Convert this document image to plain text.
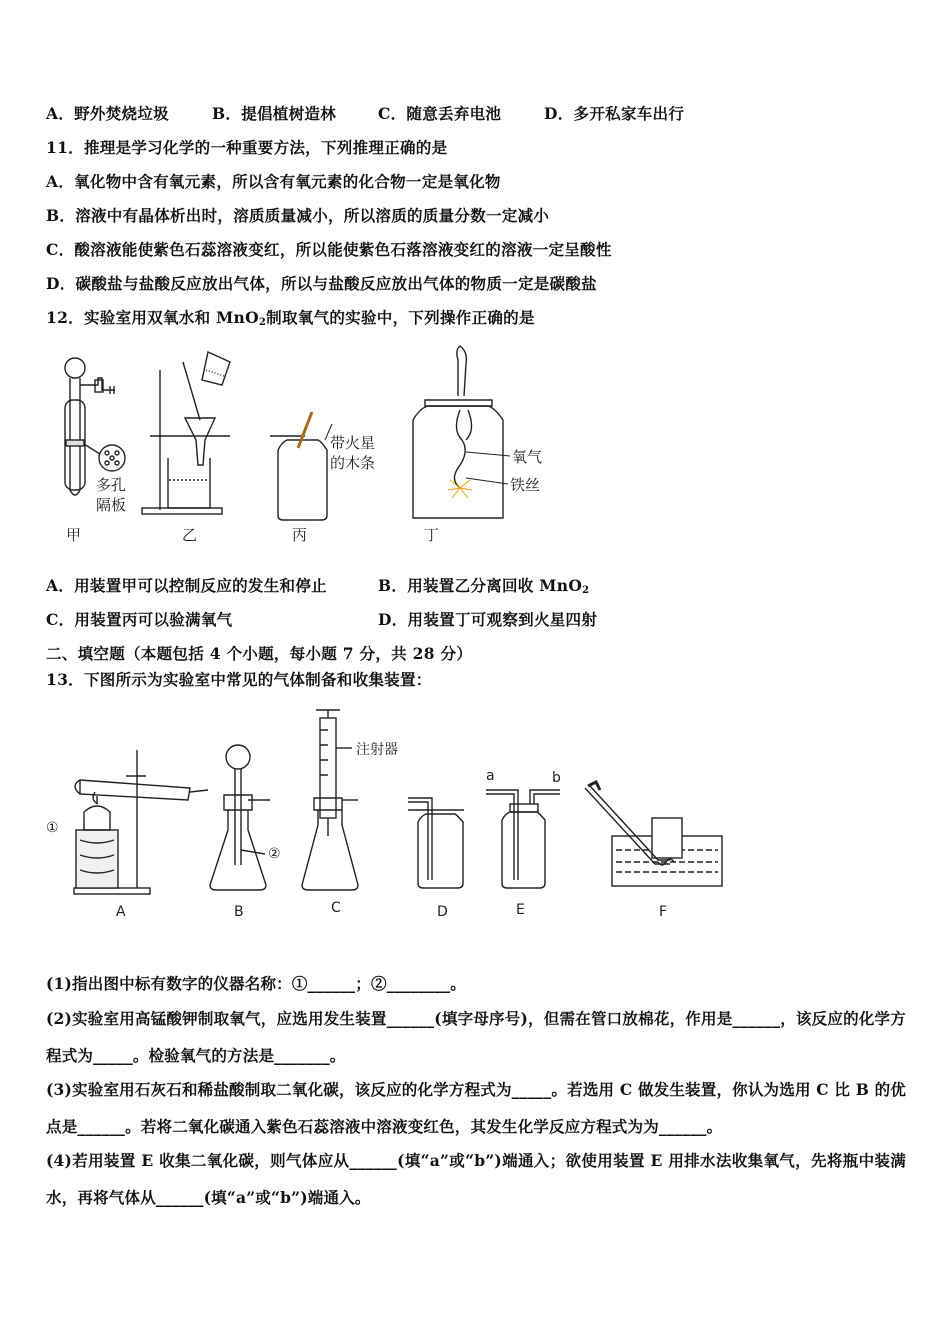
A．野外焚烧垃圾	B．提倡植树造林	C．随意丢弃电池	D．多开私家车出行
11．推理是学习化学的一种重要方法，下列推理正确的是
A．氧化物中含有氧元素，所以含有氧元素的化合物一定是氧化物
B．溶液中有晶体析出时，溶质质量减小，所以溶质的质量分数一定减小
C．酸溶液能使紫色石蕊溶液变红，所以能使紫色石落溶液变红的溶液一定呈酸性
D．碳酸盐与盐酸反应放出气体，所以与盐酸反应放出气体的物质一定是碳酸盐
12．实验室用双氧水和 MnO$_2$制取氧气的实验中，下列操作正确的是
多孔
隔板
带火星
的木条	氧气
铁丝
甲	乙	丙	丁
A．用装置甲可以控制反应的发生和停止	B．用装置乙分离回收 MnO$_2$
C．用装置丙可以验满氧气	D．用装置丁可观察到火星四射
二、填空题（本题包括 4 个小题，每小题 7 分，共 28 分）
13．下图所示为实验室中常见的气体制备和收集装置：
①
②
注射器
a	b
A	B	C	D	E	F
(1)指出图中标有数字的仪器名称：①______；②________。
(2)实验室用高锰酸钾制取氧气，应选用发生装置______(填字母序号)，但需在管口放棉花，作用是______，该反应的化学方程式为_____。检验氧气的方法是_______。
(3)实验室用石灰石和稀盐酸制取二氧化碳，该反应的化学方程式为_____。若选用 C 做发生装置，你认为选用 C 比 B 的优点是______。若将二氧化碳通入紫色石蕊溶液中溶液变红色，其发生化学反应方程式为为______。
(4)若用装置 E 收集二氧化碳，则气体应从______(填“a”或“b”)端通入；欲使用装置 E 用排水法收集氧气，先将瓶中装满水，再将气体从______(填“a”或“b”)端通入。
